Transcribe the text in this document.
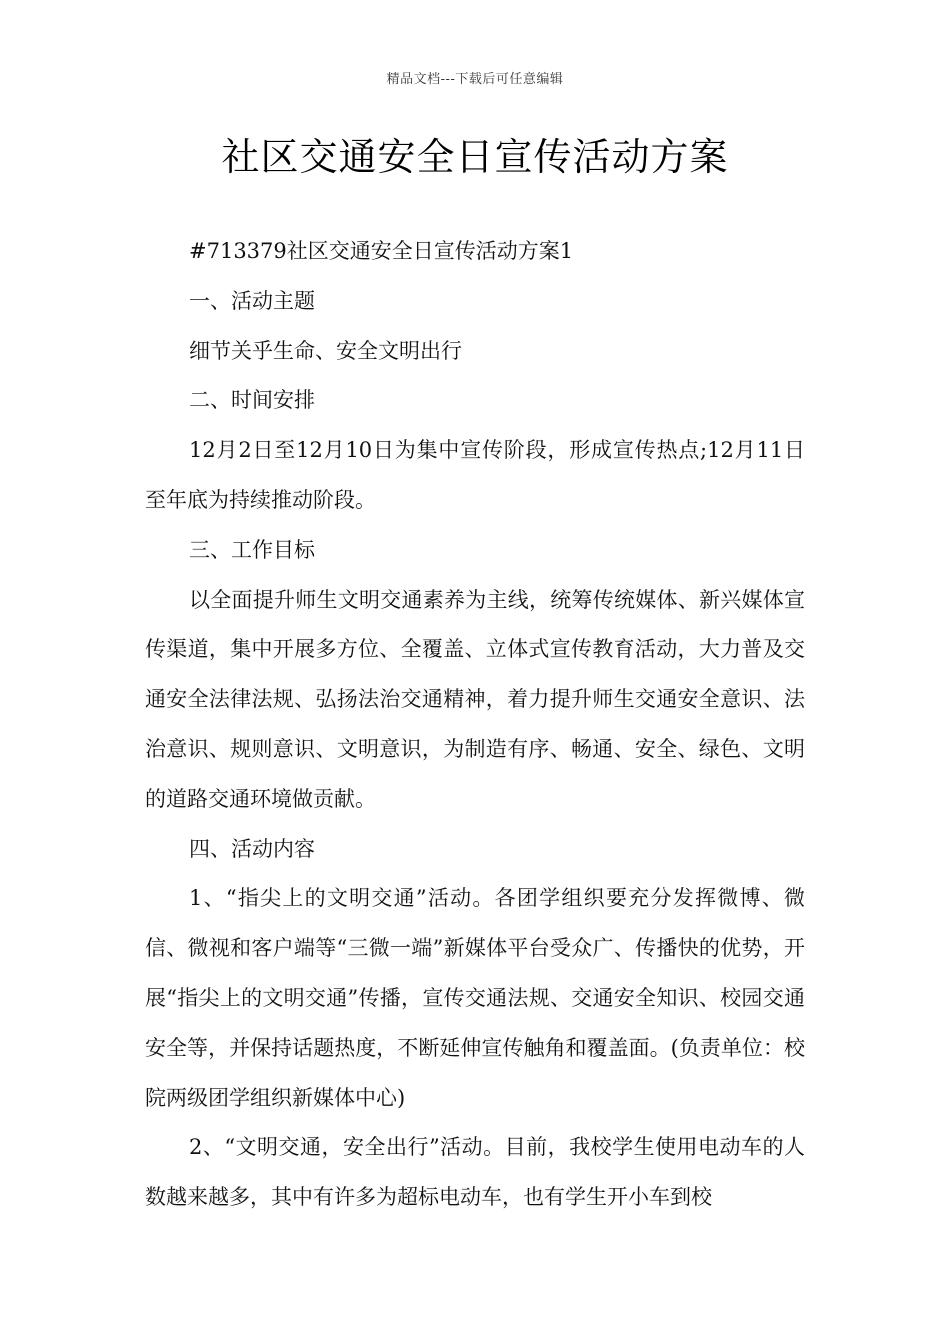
精品文档---下载后可任意编辑
社区交通安全日宣传活动方案

#713379社区交通安全日宣传活动方案1

一、活动主题

细节关乎生命、安全文明出行

二、时间安排

12月2日至12月10日为集中宣传阶段，形成宣传热点;12月11日至年底为持续推动阶段。

三、工作目标

以全面提升师生文明交通素养为主线，统筹传统媒体、新兴媒体宣传渠道，集中开展多方位、全覆盖、立体式宣传教育活动，大力普及交通安全法律法规、弘扬法治交通精神，着力提升师生交通安全意识、法治意识、规则意识、文明意识，为制造有序、畅通、安全、绿色、文明的道路交通环境做贡献。

四、活动内容

1、“指尖上的文明交通”活动。各团学组织要充分发挥微博、微信、微视和客户端等“三微一端”新媒体平台受众广、传播快的优势，开展“指尖上的文明交通”传播，宣传交通法规、交通安全知识、校园交通安全等，并保持话题热度，不断延伸宣传触角和覆盖面。(负责单位：校院两级团学组织新媒体中心)

2、“文明交通，安全出行”活动。目前，我校学生使用电动车的人数越来越多，其中有许多为超标电动车，也有学生开小车到校
